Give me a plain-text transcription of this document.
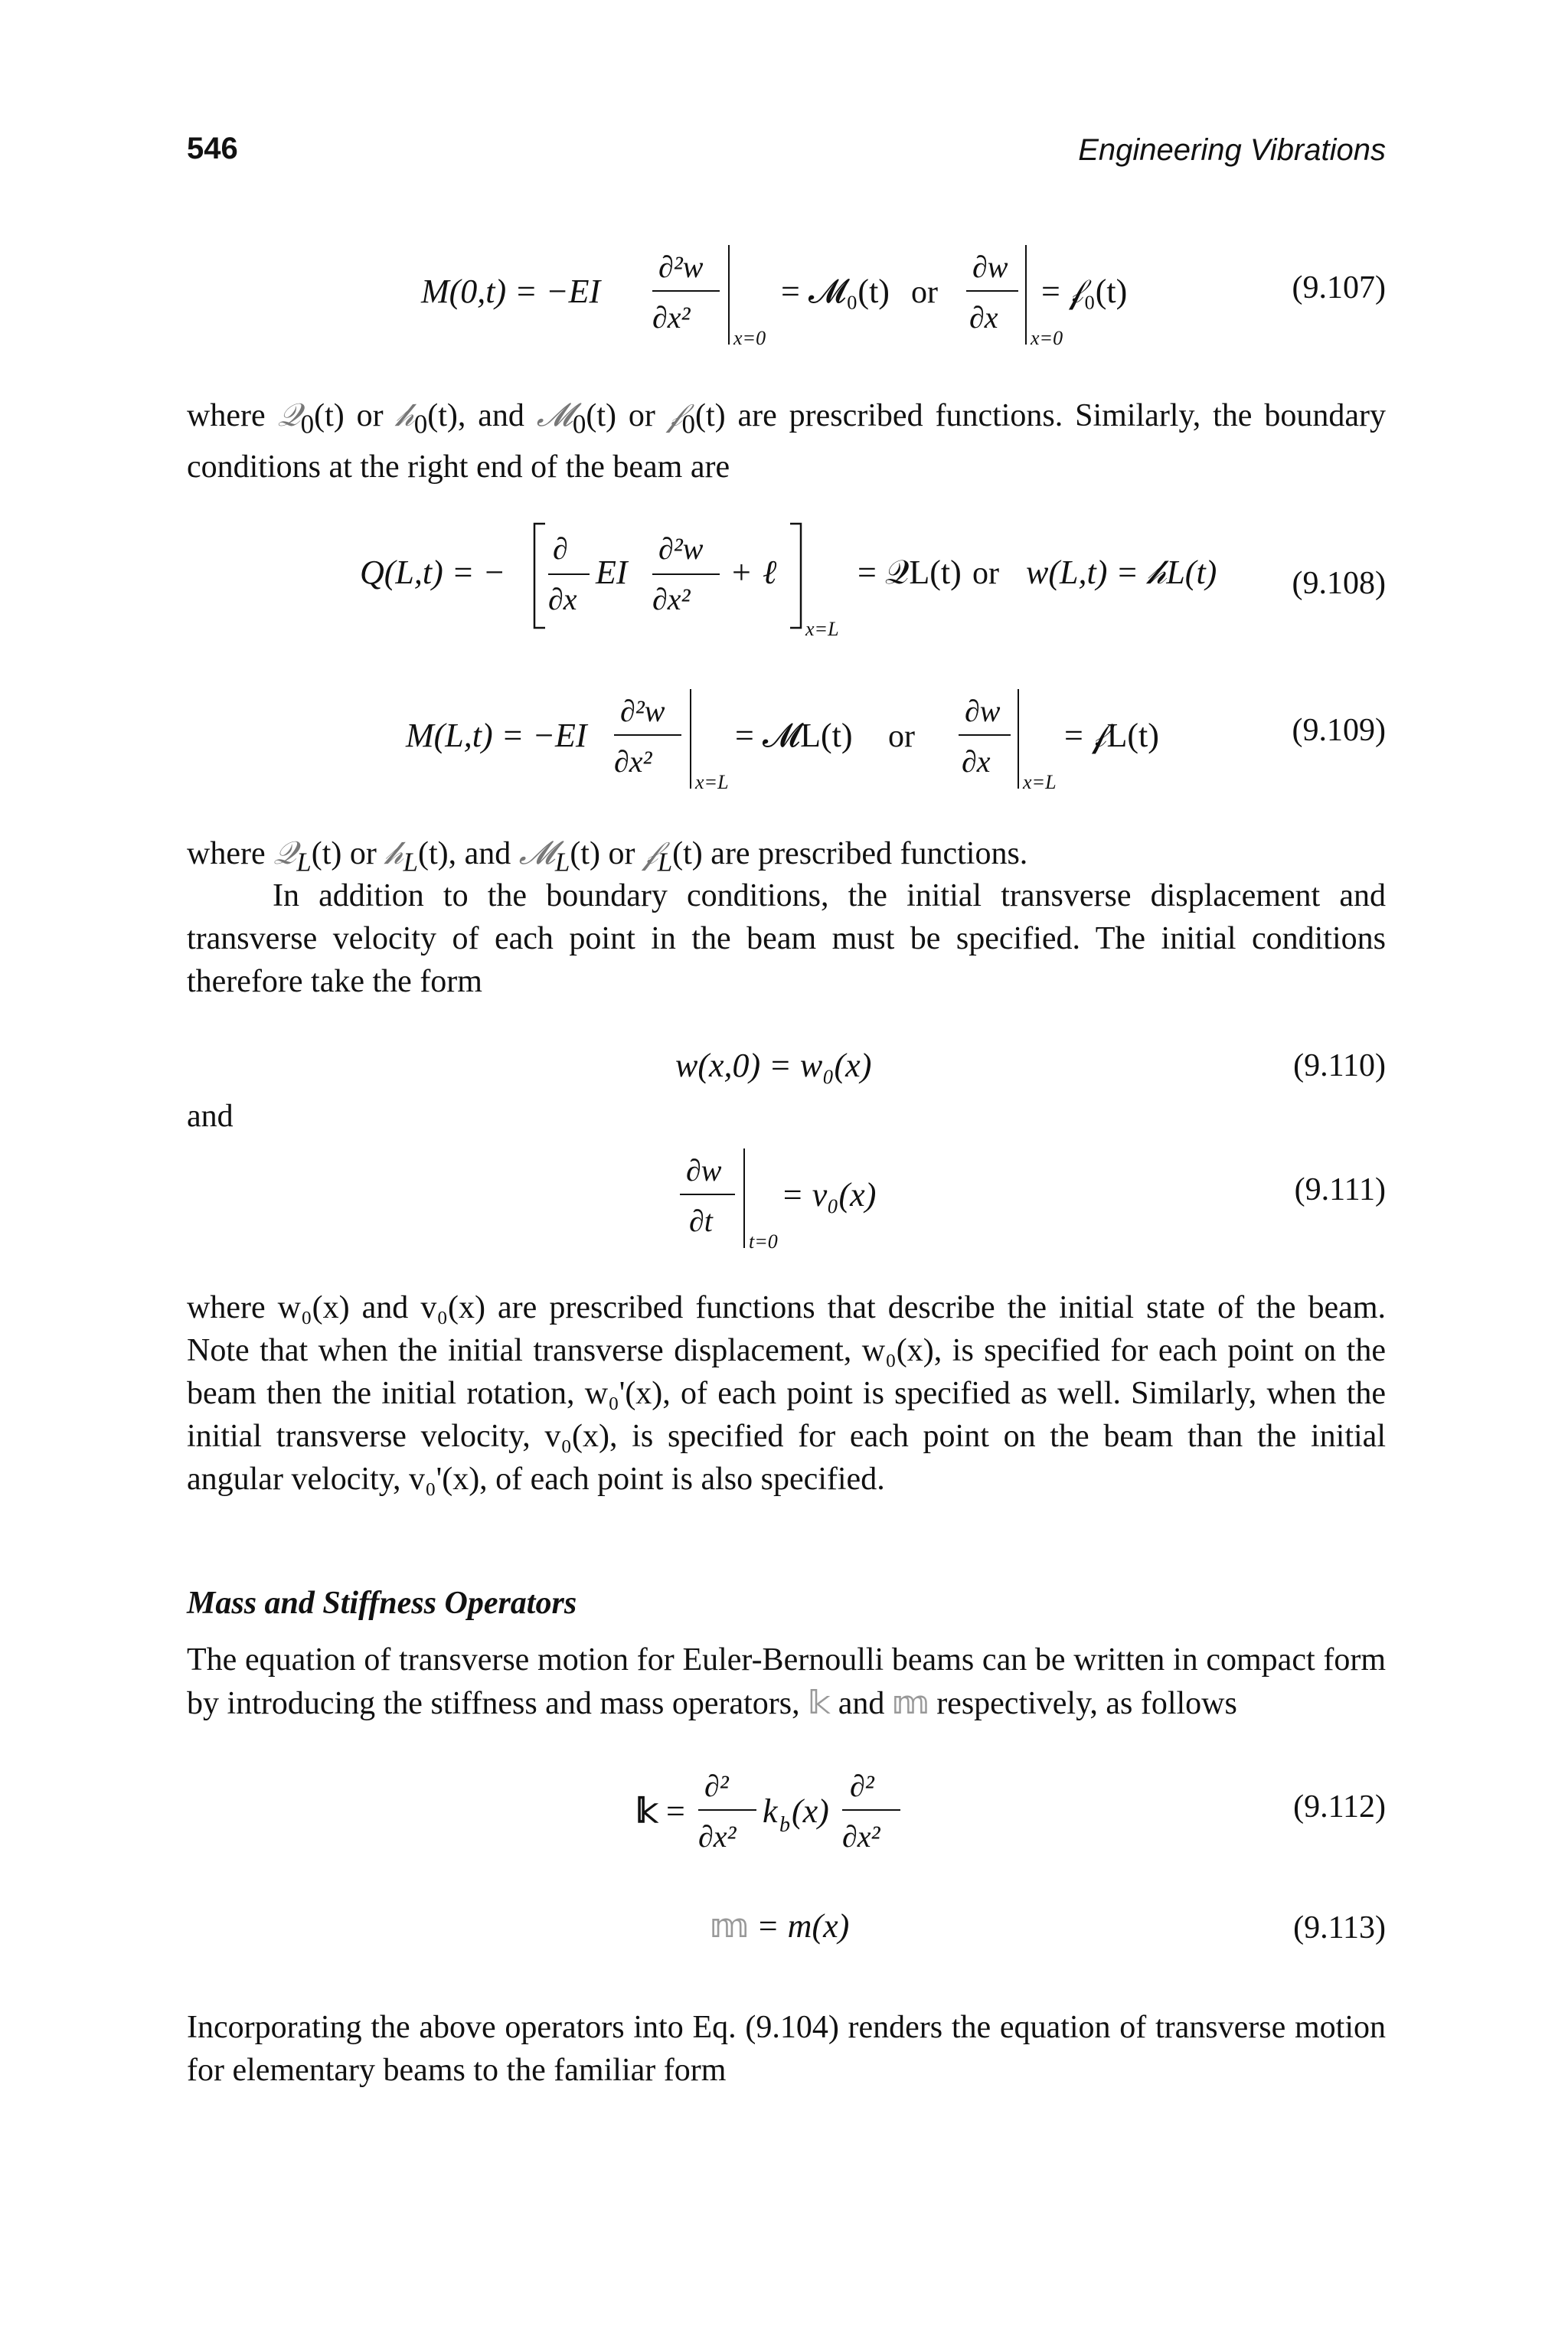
546	Engineering Vibrations
M(0,t) = −EI
∂²w
∂x²
x=0
= 𝓜₀(t) or
∂w
∂x
x=0
= 𝒻₀(t)	(9.107)
where 𝒬$_0$(t) or 𝒽$_0$(t), and 𝓜$_0$(t) or 𝒻$_0$(t) are prescribed functions. Similarly, the boundary conditions at the right end of the beam are
Q(L,t) = −
∂
∂x
EI
∂²w
∂x²
+ ℓ
x=L
= 𝒬L(t) or w(L,t) = 𝒽L(t) (9.108)
M(L,t) = −EI
∂²w
∂x²
x=L
= 𝓜L(t) or
∂w
∂x
x=L
= 𝒻L(t)	(9.109)
where 𝒬$_L$(t) or 𝒽$_L$(t), and 𝓜$_L$(t) or 𝒻$_L$(t) are prescribed functions.
In addition to the boundary conditions, the initial transverse displacement and transverse velocity of each point in the beam must be specified. The initial conditions therefore take the form
w(x,0) = w₀(x)	(9.110)
and
∂w
∂t
t=0
= v₀(x)	(9.111)
where w₀(x) and v₀(x) are prescribed functions that describe the initial state of the beam. Note that when the initial transverse displacement, w₀(x), is specified for each point on the beam then the initial rotation, w₀'(x), of each point is specified as well. Similarly, when the initial transverse velocity, v₀(x), is specified for each point on the beam than the initial angular velocity, v₀'(x), of each point is also specified.
Mass and Stiffness Operators
The equation of transverse motion for Euler-Bernoulli beams can be written in compact form by introducing the stiffness and mass operators, 𝕜 and 𝕞 respectively, as follows
𝕜 =
∂²
∂x²
k b (x)
∂²
∂x²
(9.112)
𝕞 = m(x)	(9.113)
Incorporating the above operators into Eq. (9.104) renders the equation of transverse motion for elementary beams to the familiar form
